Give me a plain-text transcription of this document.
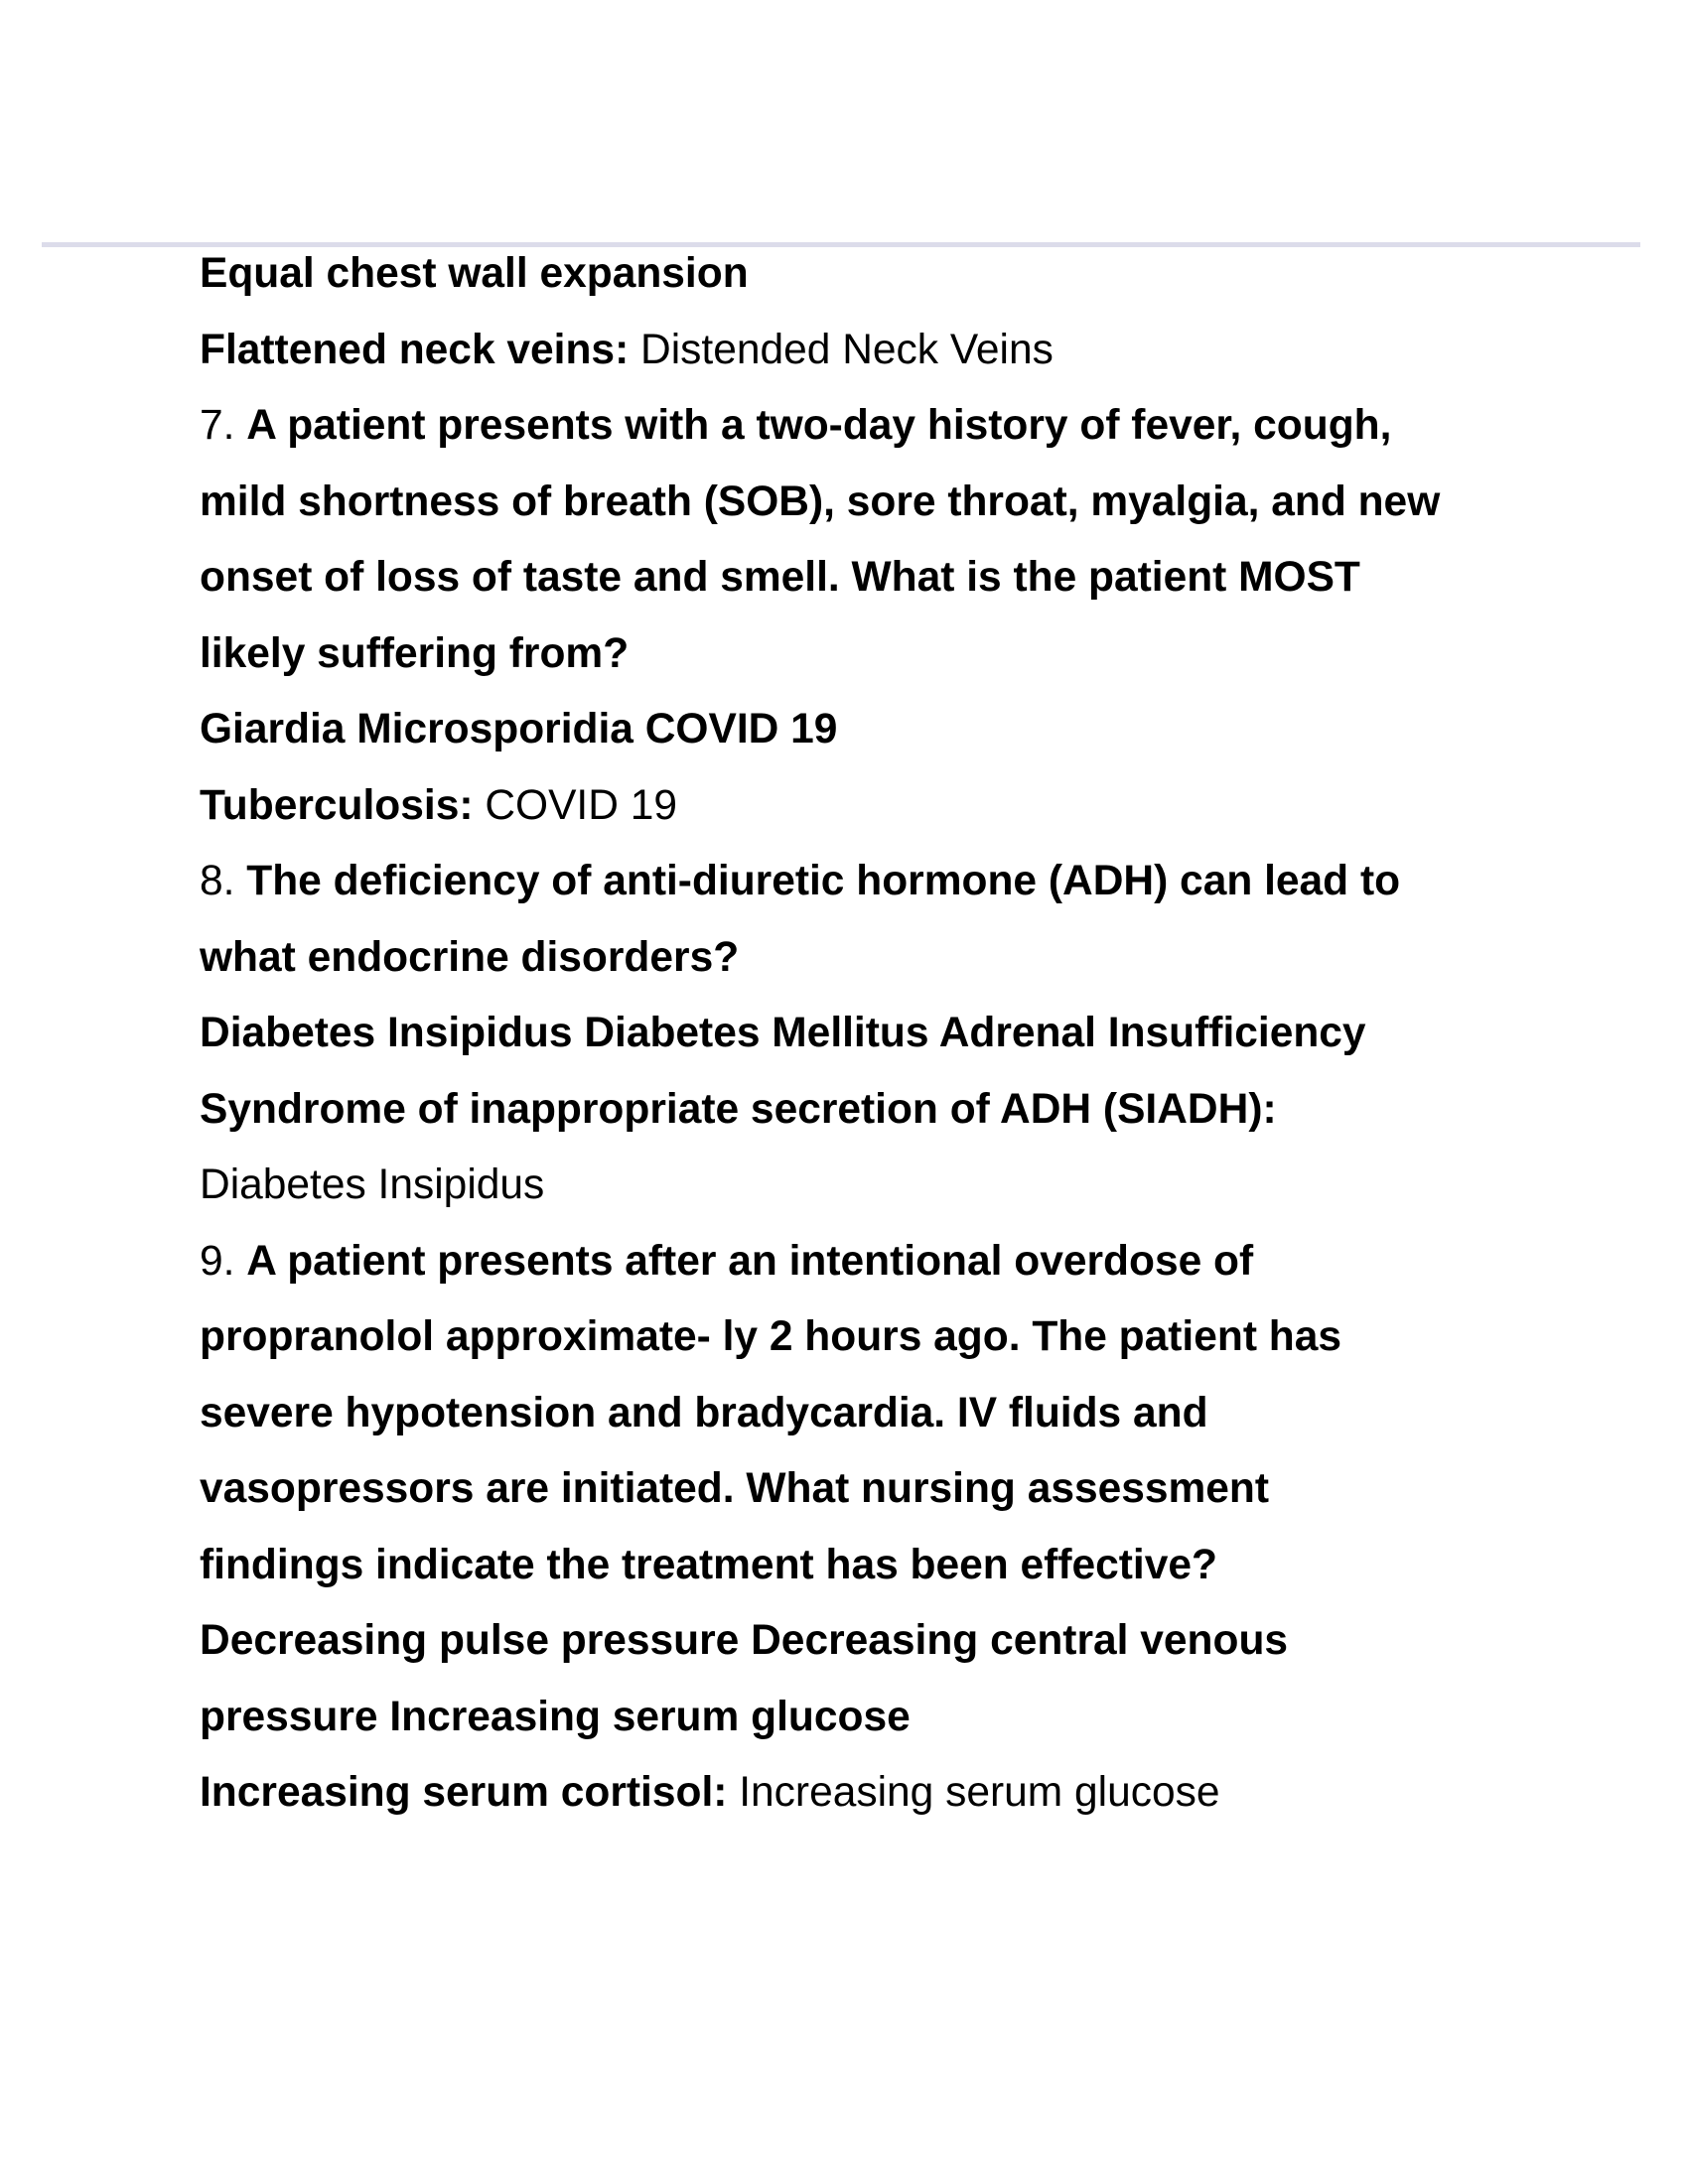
Equal chest wall expansion
Flattened neck veins: Distended Neck Veins
7. A patient presents with a two-day history of fever, cough,
mild shortness of breath (SOB), sore throat, myalgia, and new
onset of loss of taste and smell. What is the patient MOST
likely suffering from?
Giardia Microsporidia COVID 19
Tuberculosis: COVID 19
8. The deficiency of anti-diuretic hormone (ADH) can lead to
what endocrine disorders?
Diabetes Insipidus Diabetes Mellitus Adrenal Insufficiency
Syndrome of inappropriate secretion of ADH (SIADH):
Diabetes Insipidus
9. A patient presents after an intentional overdose of
propranolol approximate- ly 2 hours ago. The patient has
severe hypotension and bradycardia. IV fluids and
vasopressors are initiated. What nursing assessment
findings indicate the treatment has been effective?
Decreasing pulse pressure Decreasing central venous
pressure Increasing serum glucose
Increasing serum cortisol: Increasing serum glucose
